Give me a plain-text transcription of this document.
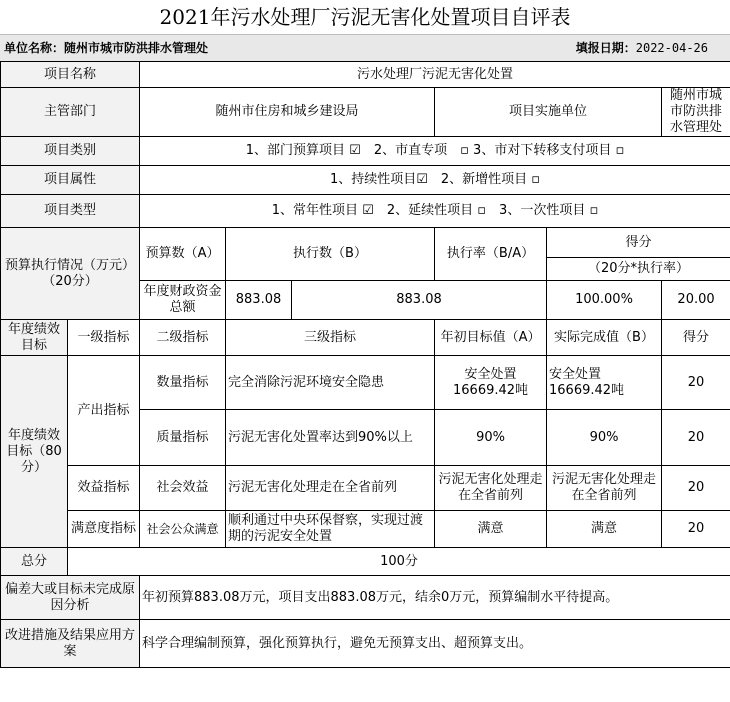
2021年污水处理厂污泥无害化处置项目自评表
单位名称：随州市城市防洪排水管理处	填报日期：2022-04-26
项目名称		污水处理厂污泥无害化处置					
主管部门		随州市住房和城乡建设局			项目实施单位		随州市城市防洪排水管理处
项目类别		1、部门预算项目 ☑　2、市直专项　▫ 3、市对下转移支付项目 ▫					
项目属性		1、持续性项目☑　2、新增性项目 ▫					
项目类型		1、常年性项目 ☑　2、延续性项目 ▫　3、一次性项目 ▫					
预算执行情况（万元）（20分）		预算数（A）	执行数（B）		执行率（B/A）	得分	
						（20分*执行率）	
		年度财政资金总额	883.08	883.08		100.00%	20.00
年度绩效目标	一级指标	二级指标	三级指标		年初目标值（A）	实际完成值（B）	得分
年度绩效目标（80分）	产出指标	数量指标	完全消除污泥环境安全隐患		安全处置16669.42吨	安全处置16669.42吨	20
		质量指标	污泥无害化处置率达到90%以上		90%	90%	20
	效益指标	社会效益	污泥无害化处理走在全省前列		污泥无害化处理走在全省前列	污泥无害化处理走在全省前列	20
	满意度指标	社会公众满意	顺利通过中央环保督察，实现过渡期的污泥安全处置		满意	满意	20
总分	100分						
偏差大或目标未完成原因分析		年初预算883.08万元，项目支出883.08万元，结余0万元，预算编制水平待提高。					
改进措施及结果应用方案		科学合理编制预算，强化预算执行，避免无预算支出、超预算支出。					
